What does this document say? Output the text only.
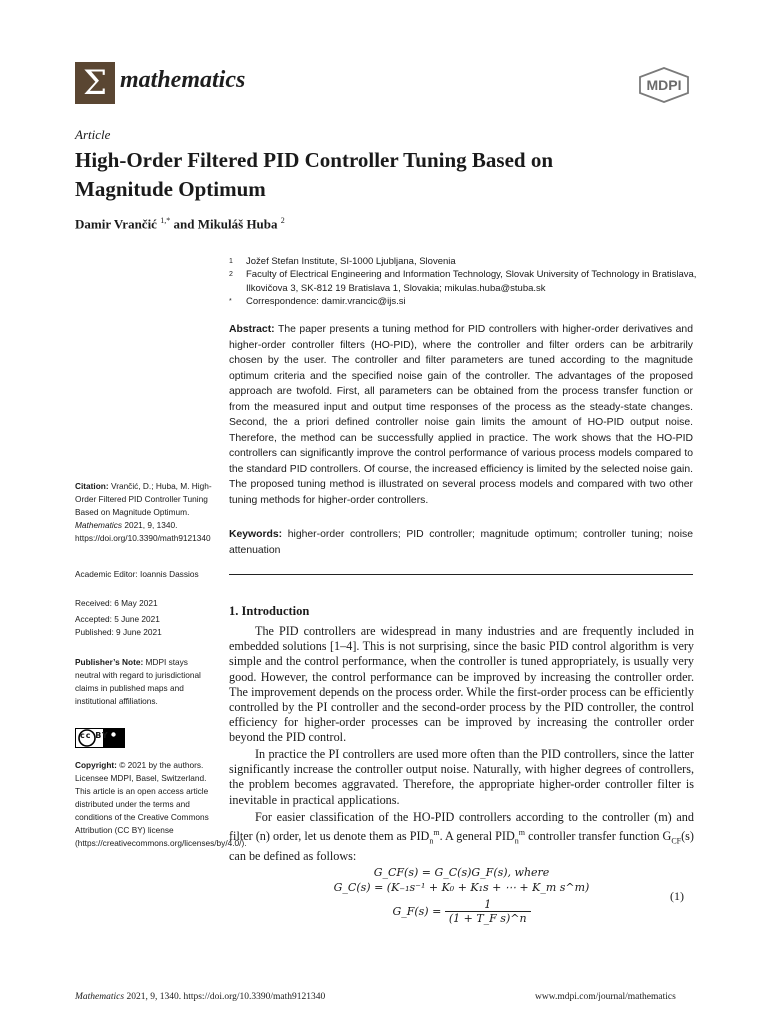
Σ mathematics	MDPI
Article
High-Order Filtered PID Controller Tuning Based on Magnitude Optimum
Damir Vrančić $^{1,*}$ and Mikuláš Huba $^2$
1 Jožef Stefan Institute, SI-1000 Ljubljana, Slovenia
2 Faculty of Electrical Engineering and Information Technology, Slovak University of Technology in Bratislava, Ilkovičova 3, SK-812 19 Bratislava 1, Slovakia; mikulas.huba@stuba.sk
* Correspondence: damir.vrancic@ijs.si
Abstract: The paper presents a tuning method for PID controllers with higher-order derivatives and higher-order controller filters (HO-PID), where the controller and filter orders can be arbitrarily chosen by the user. The controller and filter parameters are tuned according to the magnitude optimum criteria and the specified noise gain of the controller. The advantages of the proposed approach are twofold. First, all parameters can be obtained from the process transfer function or from the measured input and output time responses of the process as the steady-state changes. Second, the a priori defined controller noise gain limits the amount of HO-PID output noise. Therefore, the method can be successfully applied in practice. The work shows that the HO-PID controllers can significantly improve the control performance of various process models compared to the standard PID controllers. Of course, the increased efficiency is limited by the selected noise gain. The proposed tuning method is illustrated on several process models and compared with two other tuning methods for higher-order controllers.
Keywords: higher-order controllers; PID controller; magnitude optimum; controller tuning; noise attenuation
Citation: Vrančić, D.; Huba, M. High-Order Filtered PID Controller Tuning Based on Magnitude Optimum. Mathematics 2021, 9, 1340. https://doi.org/10.3390/math9121340
Academic Editor: Ioannis Dassios
Received: 6 May 2021
Accepted: 5 June 2021
Published: 9 June 2021
Publisher’s Note: MDPI stays neutral with regard to jurisdictional claims in published maps and institutional affiliations.
cc BY
Copyright: © 2021 by the authors. Licensee MDPI, Basel, Switzerland. This article is an open access article distributed under the terms and conditions of the Creative Commons Attribution (CC BY) license (https://creativecommons.org/licenses/by/4.0/).
1. Introduction
The PID controllers are widespread in many industries and are frequently included in embedded solutions [1–4]. This is not surprising, since the basic PID control algorithm is very simple and the control performance, when the controller is tuned appropriately, is usually very good. However, the control performance can be improved by increasing the controller order. The improvement depends on the process order. While the first-order process can be efficiently controlled by the PI controller and the second-order process by the PID controller, the control efficiency for higher-order processes can be improved by increasing the controller order beyond the PID control.
In practice the PI controllers are used more often than the PID controllers, since the latter significantly increase the controller output noise. Naturally, with higher degrees of controllers, the problem becomes aggravated. Therefore, the appropriate higher-order controller filter is inevitable in practical applications.
For easier classification of the HO-PID controllers according to the controller (m) and filter (n) order, let us denote them as $PID_n^m$. A general $PID_n^m$ controller transfer function $G_{CF}(s)$ can be defined as follows:
G_CF(s) = G_C(s)G_F(s), where
G_C(s) = (K₋₁s⁻¹ + K₀ + K₁s + ⋯ + K_m s^m)
G_F(s) = $\frac{1}{\text{(1 + T\_F s)\textasciicircum{}n}}$
(1)
Mathematics 2021, 9, 1340. https://doi.org/10.3390/math9121340	www.mdpi.com/journal/mathematics
